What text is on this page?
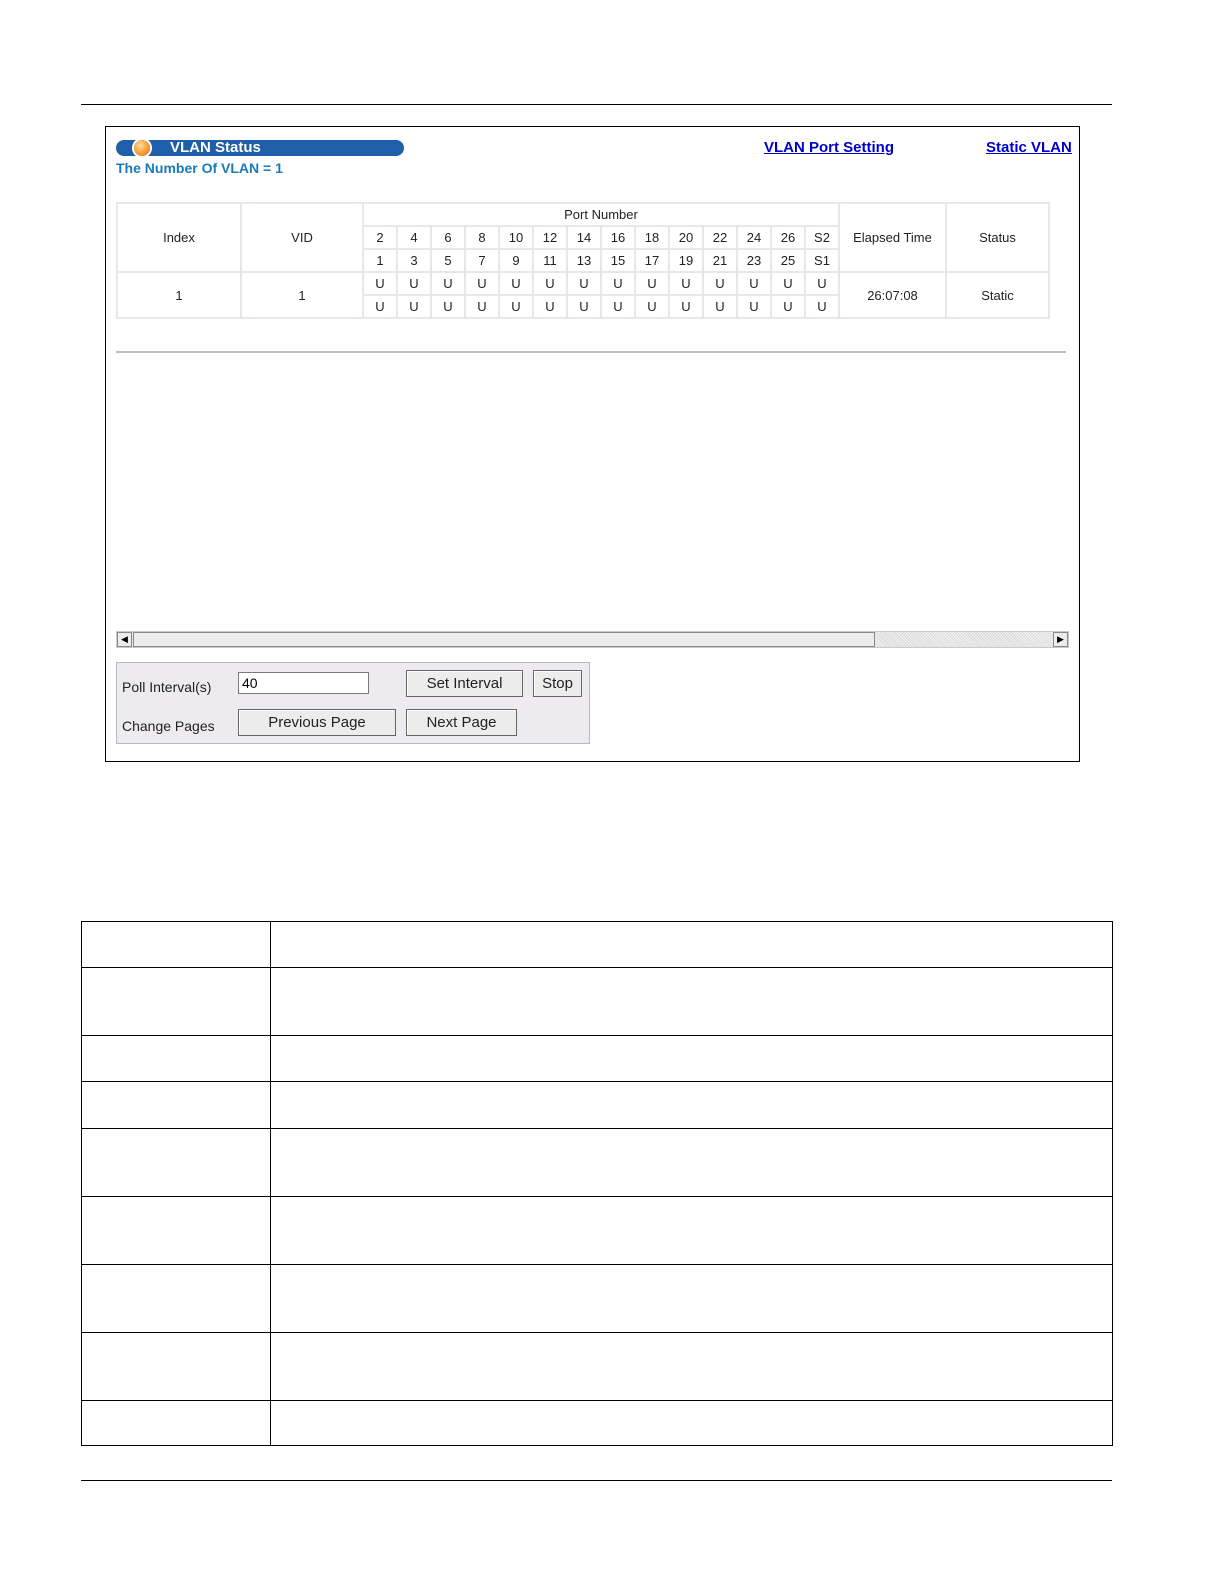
VLAN Status
The Number Of VLAN = 1
VLAN Port Setting	Static VLAN
Index	VID	Port Number														Elapsed Time	Status
		2	4	6	8	10	12	14	16	18	20	22	24	26	S2		
		1	3	5	7	9	11	13	15	17	19	21	23	25	S1		
1	1	U	U	U	U	U	U	U	U	U	U	U	U	U	U	26:07:08	Static
		U	U	U	U	U	U	U	U	U	U	U	U	U	U		
◀	▶
Poll Interval(s)
40	Set Interval	Stop
Change Pages	Previous Page	Next Page
